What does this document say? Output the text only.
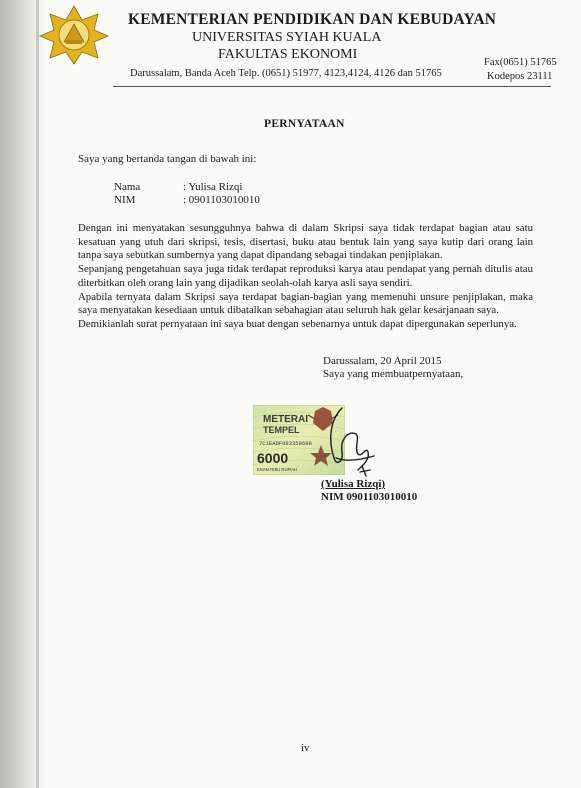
KEMENTERIAN PENDIDIKAN DAN KEBUDAYAN
UNIVERSITAS SYIAH KUALA
FAKULTAS EKONOMI
Darussalam, Banda Aceh Telp. (0651) 51977, 4123,4124, 4126 dan 51765
Fax(0651) 51765
Kodepos 23111
PERNYATAAN
Saya yang bertanda tangan di bawah ini:
Nama	: Yulisa Rizqi
NIM	: 0901103010010

Dengan ini menyatakan sesungguhnya bahwa di dalam Skripsi saya tidak terdapat bagian atau satu kesatuan yang utuh dari skripsi, tesis, disertasi, buku atau bentuk lain yang saya kutip dari orang lain tanpa saya sebutkan sumbernya yang dapat dipandang sebagai tindakan penjiplakan.

Sepanjang pengetahuan saya juga tidak terdapat reproduksi karya atau pendapat yang pernah ditulis atau diterbitkan oleh orang lain yang dijadikan seolah-olah karya asli saya sendiri.

Apabila ternyata dalam Skripsi saya terdapat bagian-bagian yang memenuhi unsure penjiplakan, maka saya menyatakan kesediaan untuk dibatalkan sebahagian atau seluruh hak gelar kesarjanaan saya.

Demikianlah surat pernyataan ini saya buat dengan sebenarnya untuk dapat dipergunakan seperlunya.

Darussalam, 20 April 2015
Saya yang membuatpernyataan,
METERAI
TEMPEL
7C1EADF093358689
6000
ENAM RIBU RUPIAH
(Yulisa Rizqi)
NIM 0901103010010
iv
